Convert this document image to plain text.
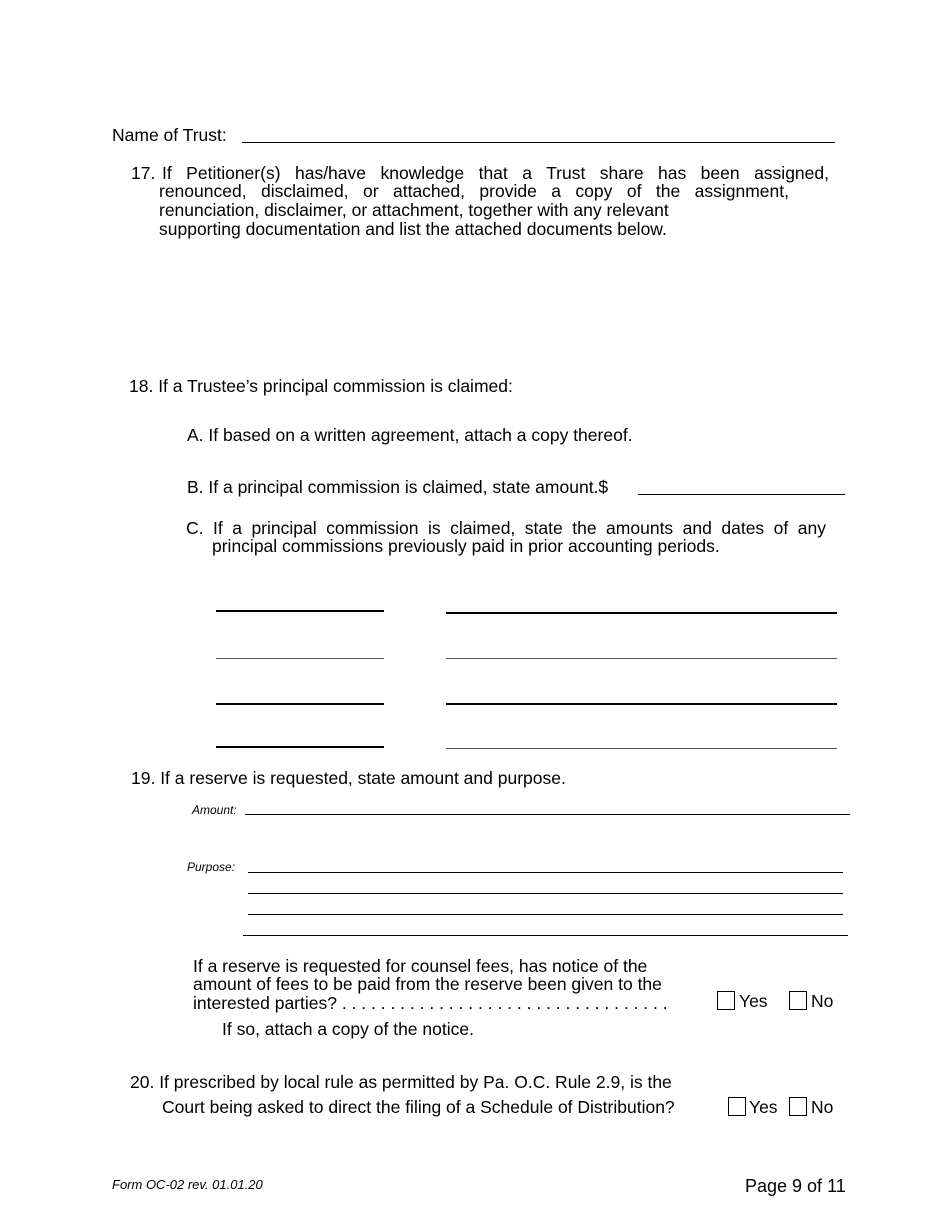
Name of Trust:
17. If Petitioner(s) has/have knowledge that a Trust share has been assigned,
renounced, disclaimed, or attached, provide a copy of the assignment,
renunciation, disclaimer, or attachment, together with any relevant
supporting documentation and list the attached documents below.
18. If a Trustee’s principal commission is claimed:
A. If based on a written agreement, attach a copy thereof.
B. If a principal commission is claimed, state amount.$
C. If a principal commission is claimed, state the amounts and dates of any
principal commissions previously paid in prior accounting periods.
19. If a reserve is requested, state amount and purpose.
Amount:
Purpose:
If a reserve is requested for counsel fees, has notice of the
amount of fees to be paid from the reserve been given to the
interested parties? . . . . . . . . . . . . . . . . . . . . . . . . . . . . . . . . . .	Yes No
If so, attach a copy of the notice.
20. If prescribed by local rule as permitted by Pa. O.C. Rule 2.9, is the
Court being asked to direct the filing of a Schedule of Distribution?	Yes No
Form OC-02 rev. 01.01.20	Page 9 of 11
